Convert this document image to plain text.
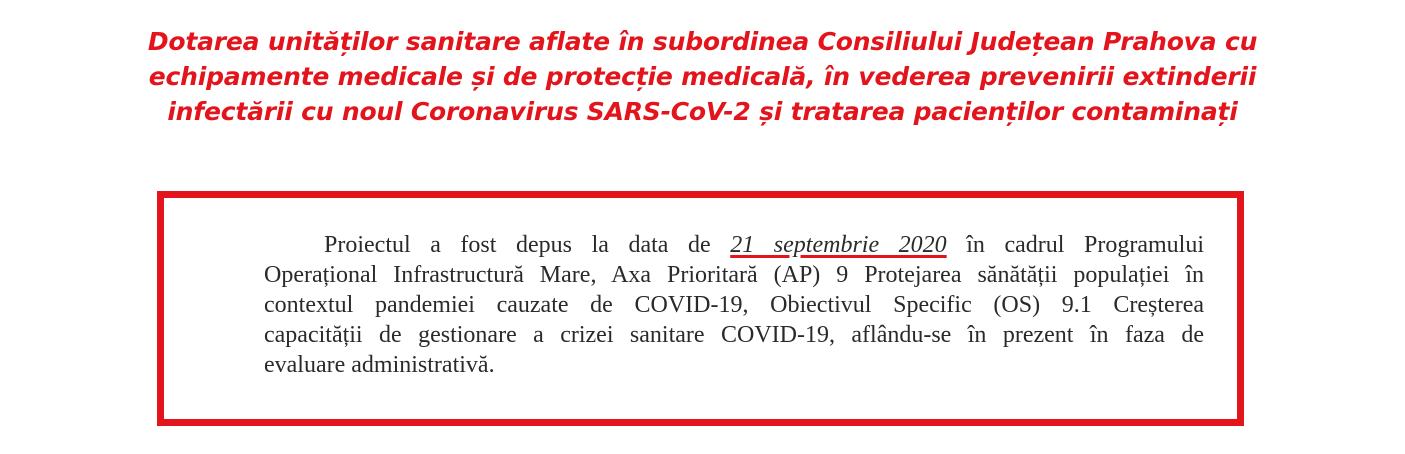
Dotarea unităților sanitare aflate în subordinea Consiliului Județean Prahova cu
echipamente medicale și de protecție medicală, în vederea prevenirii extinderii
infectării cu noul Coronavirus SARS-CoV-2 și tratarea pacienților contaminați
Proiectul a fost depus la data de 21 septembrie 2020 în cadrul Programului
Operațional Infrastructură Mare, Axa Prioritară (AP) 9 Protejarea sănătății populației în
contextul pandemiei cauzate de COVID-19, Obiectivul Specific (OS) 9.1 Creșterea
capacității de gestionare a crizei sanitare COVID-19, aflându-se în prezent în faza de
evaluare administrativă.
